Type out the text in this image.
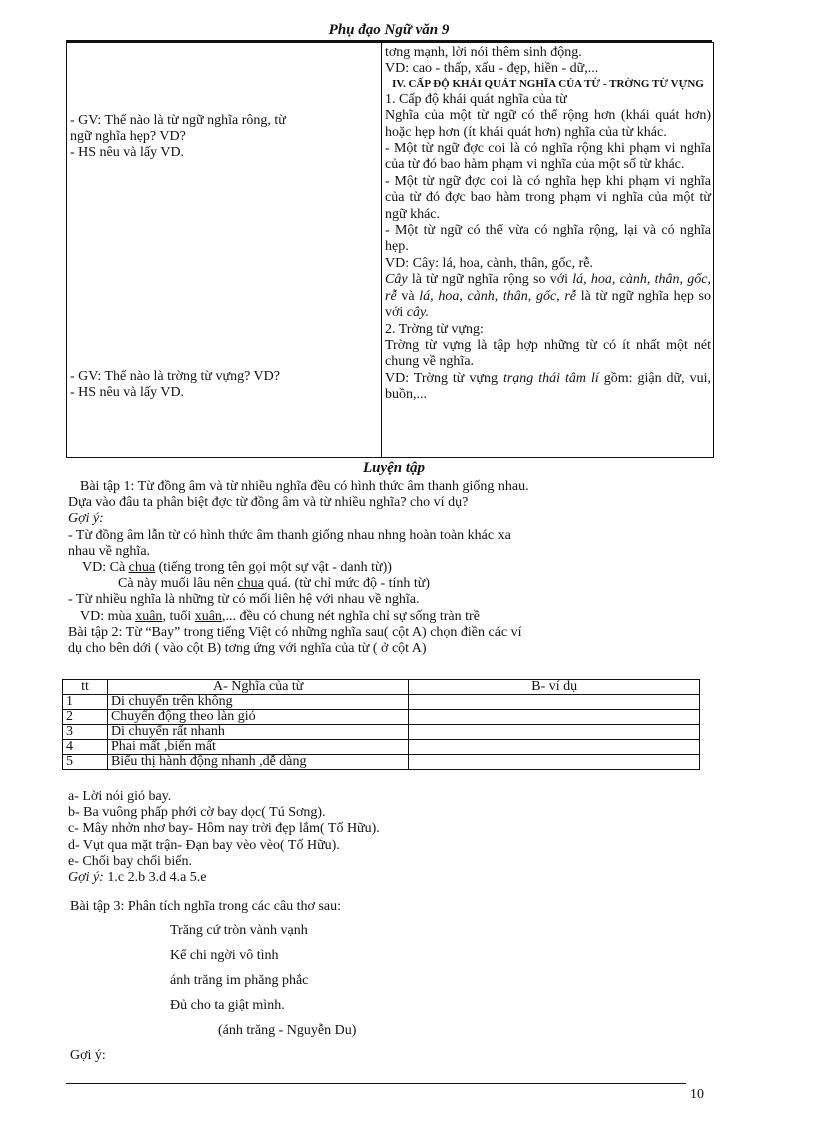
Phụ đạo Ngữ văn 9
- GV: Thế nào là từ ngữ nghĩa rông, từ
ngữ nghĩa hẹp? VD?
- HS nêu và lấy VD.
- GV: Thế nào là trờng từ vựng? VD?
- HS nêu và lấy VD.

tơng mạnh, lời nói thêm sinh động.

VD: cao - thấp, xấu - đẹp, hiền - dữ,...

IV. CẤP ĐỘ KHÁI QUÁT NGHĨA CỦA TỪ - TRỜNG TỪ VỰNG

1. Cấp độ khái quát nghĩa của từ

Nghĩa của một từ ngữ có thể rộng hơn (khái quát hơn) hoặc hẹp hơn (ít khái quát hơn) nghĩa của từ khác.

- Một từ ngữ đợc coi là có nghĩa rộng khi phạm vi nghĩa của từ đó bao hàm phạm vi nghĩa của một số từ khác.

- Một từ ngữ đợc coi là có nghĩa hẹp khi phạm vi nghĩa của từ đó đợc bao hàm trong phạm vi nghĩa của một từ ngữ khác.

- Một từ ngữ có thể vừa có nghĩa rộng, lại và có nghĩa hẹp.

VD: Cây: lá, hoa, cành, thân, gốc, rễ.

Cây là từ ngữ nghĩa rộng so với lá, hoa, cành, thân, gốc, rễ và lá, hoa, cành, thân, gốc, rễ là từ ngữ nghĩa hẹp so với cây.

2. Trờng từ vựng:

Trờng từ vựng là tập hợp những từ có ít nhất một nét chung về nghĩa.

VD: Trờng từ vựng trạng thái tâm lí gồm: giận dữ, vui, buồn,...

Luyện tập

Bài tập 1: Từ đồng âm và từ nhiều nghĩa đều có hình thức âm thanh giống nhau.

Dựa vào đâu ta phân biệt đợc từ đồng âm và từ nhiều nghĩa? cho ví dụ?

Gợi ý:

- Từ đồng âm lẫn từ có hình thức âm thanh giống nhau nhng hoàn toàn khác xa

nhau về nghĩa.

VD: Cà chua (tiếng trong tên gọi một sự vật - danh từ))

Cà này muối lâu nên chua quá. (từ chỉ mức độ - tính từ)

- Từ nhiều nghĩa là những từ có mối liên hệ với nhau về nghĩa.

VD: mùa xuân, tuổi xuân,... đều có chung nét nghĩa chỉ sự sống tràn trề

Bài tập 2: Từ “Bay” trong tiếng Việt có những nghĩa sau( cột A) chọn điền các ví

dụ cho bên dới ( vào cột B) tơng ứng với nghĩa của từ ( ở cột A)

tt	A- Nghĩa của từ	B- ví dụ
1	Di chuyển trên không	
2	Chuyển động theo làn gió	
3	Di chuyển rất nhanh	
4	Phai mất ,biến mất	
5	Biểu thị hành động nhanh ,dễ dàng	

a- Lời nói gió bay.

b- Ba vuông phấp phới cờ bay dọc( Tú Sơng).

c- Mây nhởn nhơ bay- Hôm nay trời đẹp lắm( Tố Hữu).

d- Vụt qua mặt trận- Đạn bay vèo vèo( Tố Hữu).

e- Chối bay chối biến.

Gợi ý: 1.c 2.b 3.d 4.a 5.e

Bài tập 3: Phân tích nghĩa trong các câu thơ sau:
Trăng cứ tròn vành vạnh
Kể chi ngời vô tình
ánh trăng im phăng phắc
Đủ cho ta giật mình.
(ánh trăng - Nguyễn Du)
Gợi ý:
10
